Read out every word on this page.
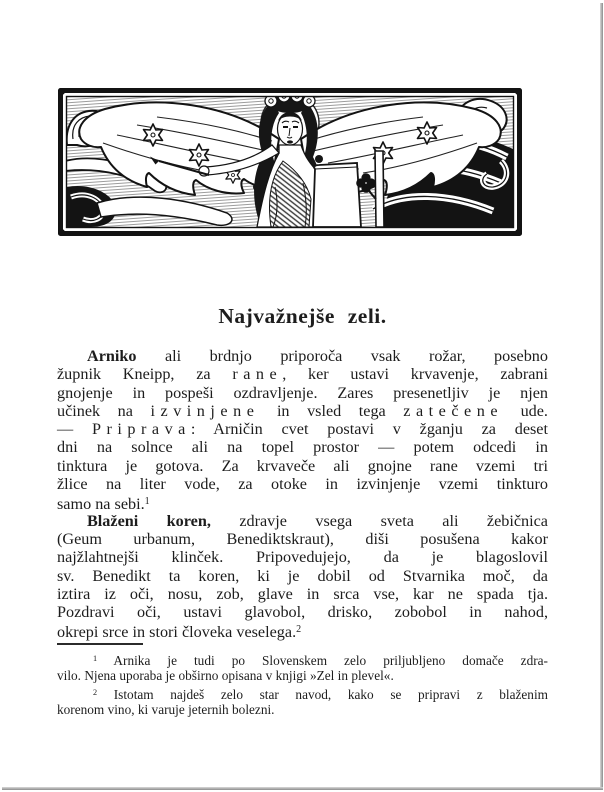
Najvažnejše zeli.
Arniko ali brdnjo priporoča vsak rožar, posebno
župnik Kneipp, za rane, ker ustavi krvavenje, zabrani
gnojenje in pospeši ozdravljenje. Zares presenetljiv je njen
učinek na izvinjene in vsled tega zatečene ude.
— Priprava: Arničin cvet postavi v žganju za deset
dni na solnce ali na topel prostor — potem odcedi in
tinktura je gotova. Za krvaveče ali gnojne rane vzemi tri
žlice na liter vode, za otoke in izvinjenje vzemi tinkturo
samo na sebi.$^1$
Blaženi koren, zdravje vsega sveta ali žebičnica
(Geum urbanum, Benediktskraut), diši posušena kakor
najžlahtnejši klinček. Pripovedujejo, da je blagoslovil
sv. Benedikt ta koren, ki je dobil od Stvarnika moč, da
iztira iz oči, nosu, zob, glave in srca vse, kar ne spada tja.
Pozdravi oči, ustavi glavobol, drisko, zobobol in nahod,
okrepi srce in stori človeka veselega.$^2$
$^1$ Arnika je tudi po Slovenskem zelo priljubljeno domače zdra-
vilo. Njena uporaba je obširno opisana v knjigi »Zel in plevel«.
$^2$ Istotam najdeš zelo star navod, kako se pripravi z blaženim
korenom vino, ki varuje jeternih bolezni.
